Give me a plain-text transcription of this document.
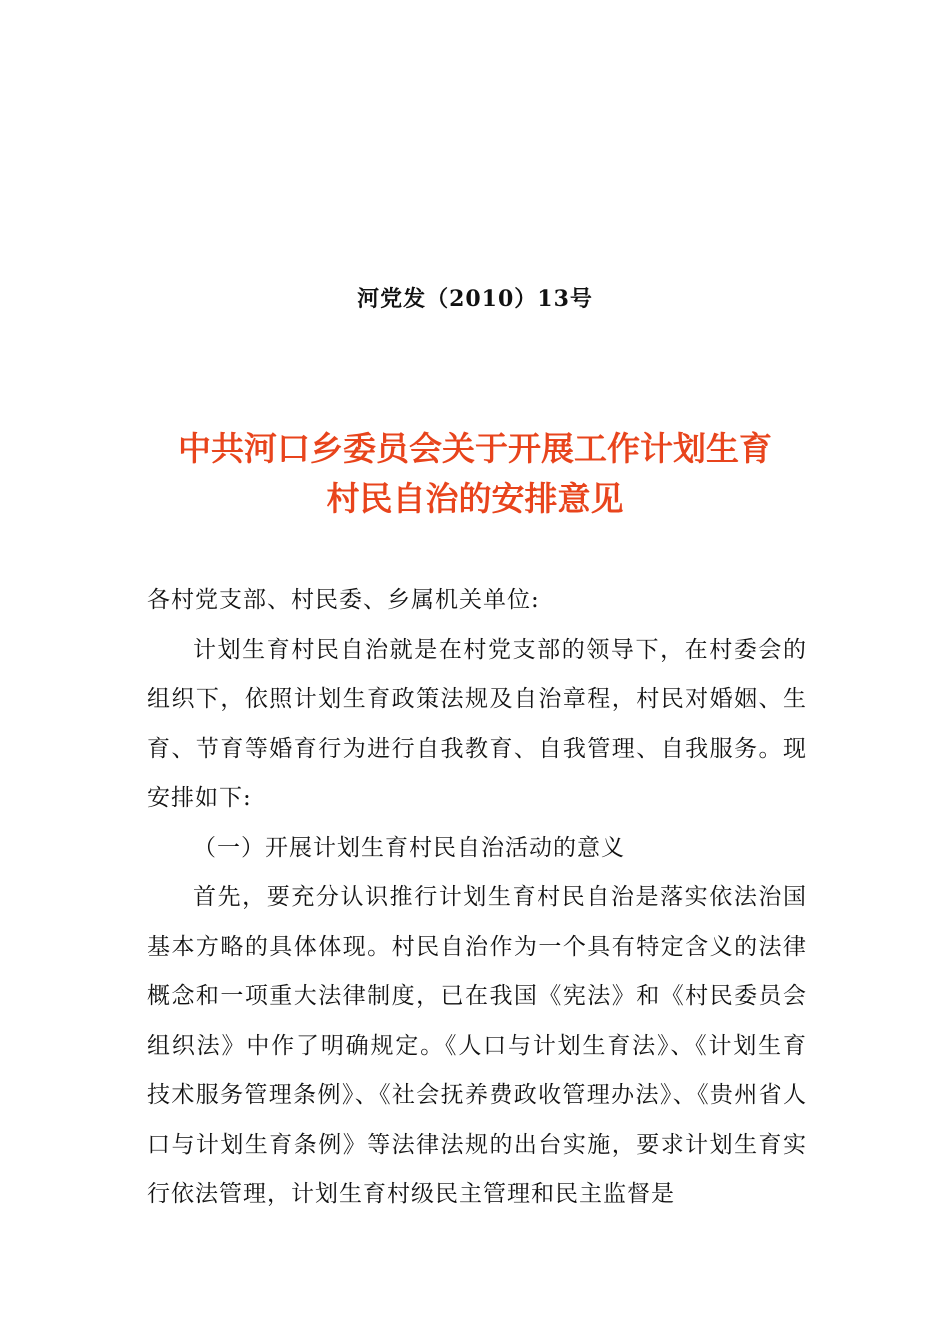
河党发（2010）13号
中共河口乡委员会关于开展工作计划生育
村民自治的安排意见

各村党支部、村民委、乡属机关单位:

计划生育村民自治就是在村党支部的领导下，在村委会的组织下，依照计划生育政策法规及自治章程，村民对婚姻、生育、节育等婚育行为进行自我教育、自我管理、自我服务。现安排如下:

（一）开展计划生育村民自治活动的意义

首先，要充分认识推行计划生育村民自治是落实依法治国基本方略的具体体现。村民自治作为一个具有特定含义的法律概念和一项重大法律制度，已在我国《宪法》和《村民委员会组织法》中作了明确规定。《人口与计划生育法》、《计划生育技术服务管理条例》、《社会抚养费政收管理办法》、《贵州省人口与计划生育条例》等法律法规的出台实施，要求计划生育实行依法管理，计划生育村级民主管理和民主监督是
